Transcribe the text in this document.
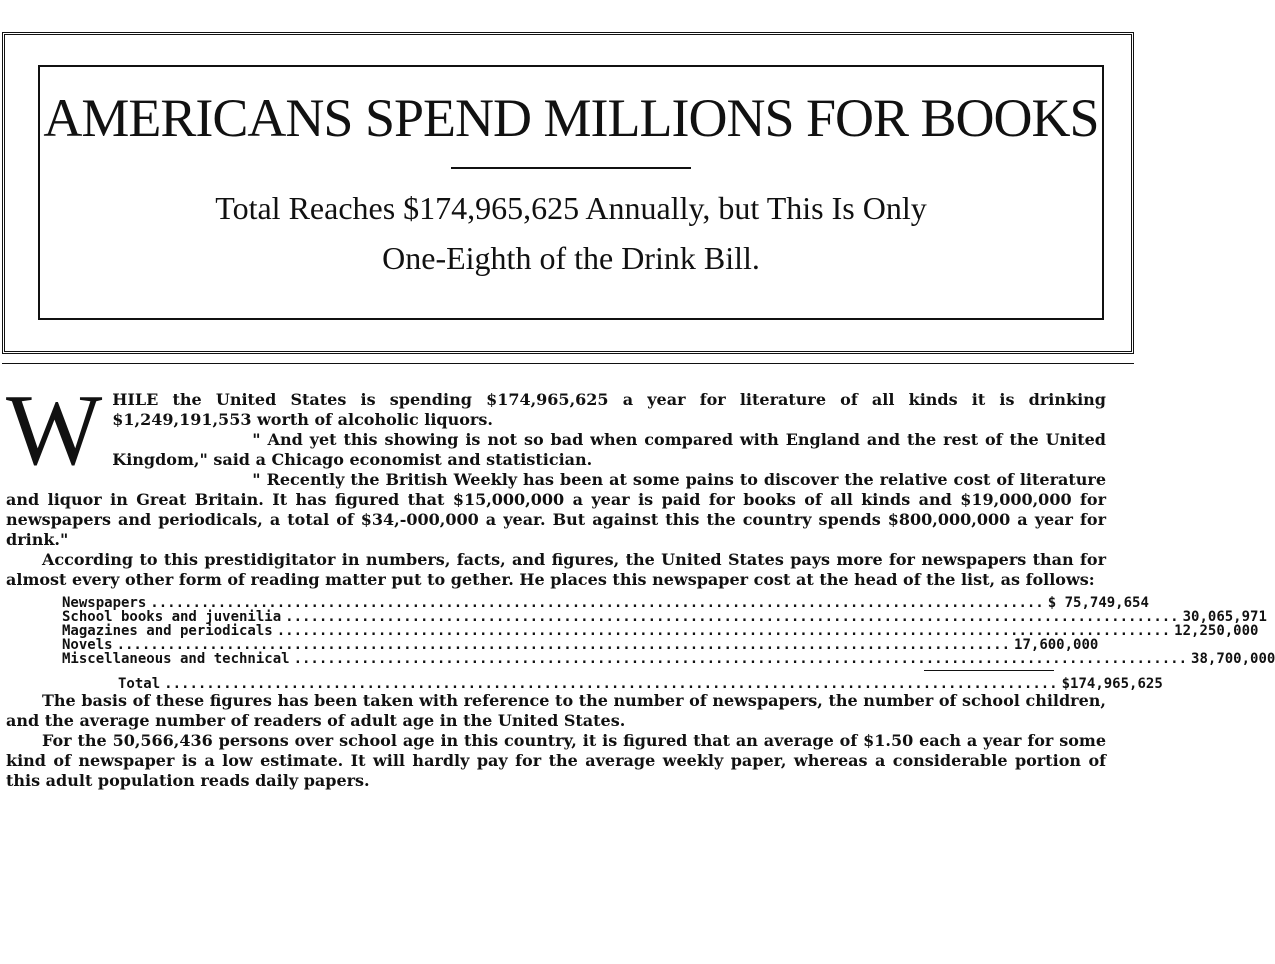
AMERICANS SPEND MILLIONS FOR BOOKS
Total Reaches $174,965,625 Annually, but This Is Only
One-Eighth of the Drink Bill.
W HILE the United States is spending $174,965,625 a year for literature of all kinds it is drinking $1,249,191,553 worth of alcoholic liquors.

" And yet this showing is not so bad when compared with England and the rest of the United Kingdom," said a Chicago economist and statistician.

" Recently the British Weekly has been at some pains to discover the relative cost of literature and liquor in Great Britain. It has figured that $15,000,000 a year is paid for books of all kinds and $19,000,000 for newspapers and periodicals, a total of $34,-000,000 a year. But against this the country spends $800,000,000 a year for drink."

According to this prestidigitator in numbers, facts, and figures, the United States pays more for newspapers than for almost every other form of reading matter put to gether. He places this newspaper cost at the head of the list, as follows:

Newspapers .......................................................................................................... $ 75,749,654
School books and juvenilia .......................................................................................................... 30,065,971
Magazines and periodicals .......................................................................................................... 12,250,000
Novels .......................................................................................................... 17,600,000
Miscellaneous and technical .......................................................................................................... 38,700,000
Total .......................................................................................................... $174,965,625

The basis of these figures has been taken with reference to the number of newspapers, the number of school children, and the average number of readers of adult age in the United States.

For the 50,566,436 persons over school age in this country, it is figured that an average of $1.50 each a year for some kind of newspaper is a low estimate. It will hardly pay for the average weekly paper, whereas a considerable portion of this adult population reads daily papers.
